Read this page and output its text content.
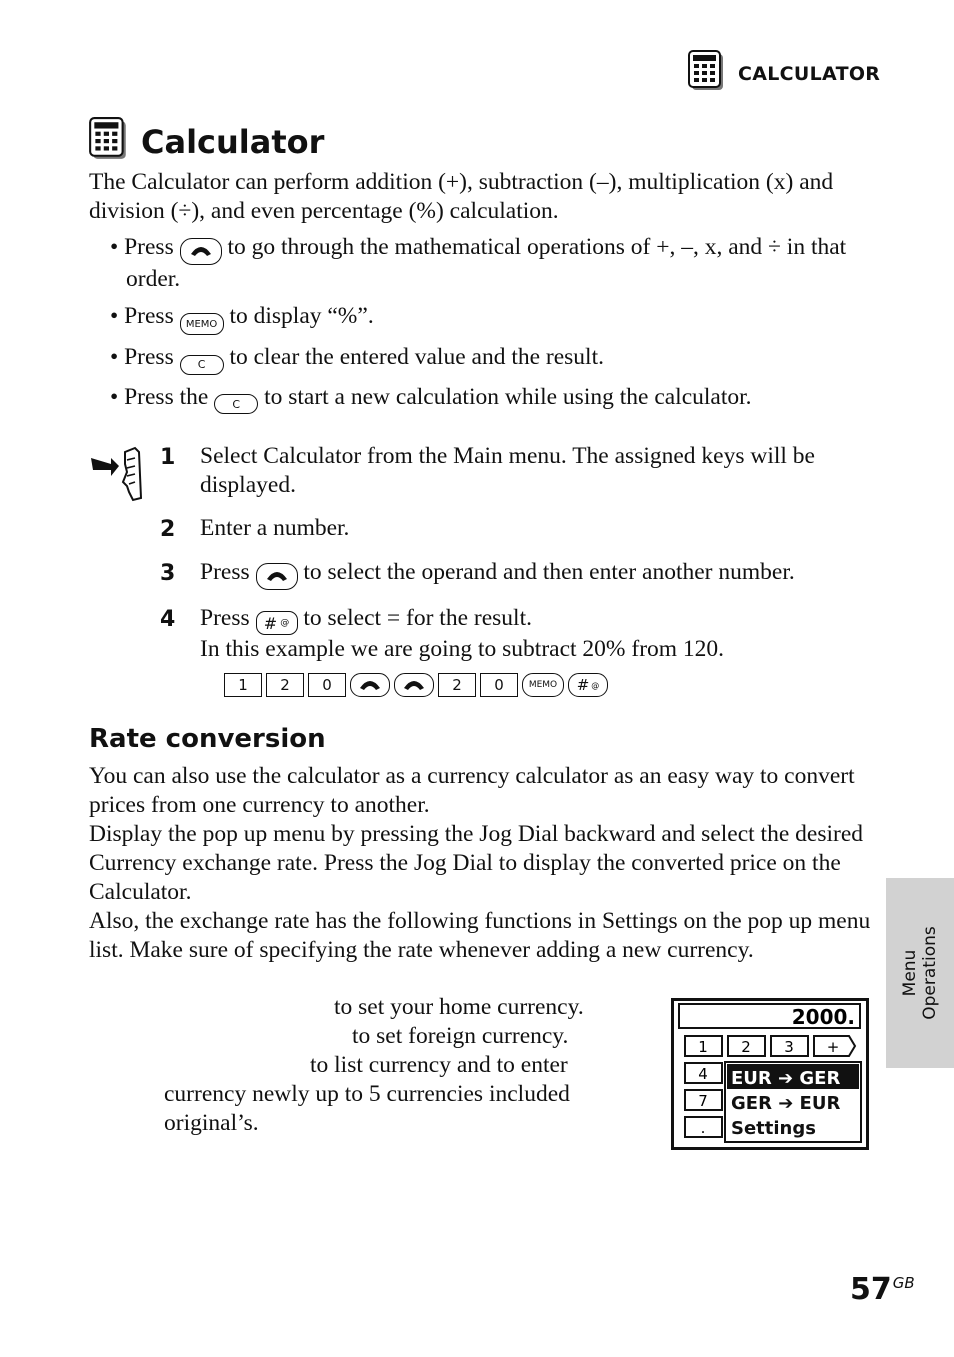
CALCULATOR
Calculator

The Calculator can perform addition (+), subtraction (–), multiplication (x) and division (÷), and even percentage (%) calculation.

• Press to go through the mathematical operations of +, –, x, and ÷ in that order.
• Press MEMO to display “%”.
• Press C to clear the entered value and the result.
• Press the C to start a new calculation while using the calculator.
1	Select Calculator from the Main menu. The assigned keys will be displayed.
2	Enter a number.
3	Press to select the operand and then enter another number.
4	Press # @ to select = for the result.
In this example we are going to subtract 20% from 120.
1	2	0	2	0	MEMO	# @
Rate conversion
You can also use the calculator as a currency calculator as an easy way to convert prices from one currency to another.
Display the pop up menu by pressing the Jog Dial backward and select the desired Currency exchange rate. Press the Jog Dial to display the converted price on the Calculator.
Also, the exchange rate has the following functions in Settings on the pop up menu list. Make sure of specifying the rate whenever adding a new currency.

to set your home currency.

to set foreign currency.

to list currency and to enter

currency newly up to 5 currencies included

original’s.

2000.
1 2 3 +
4
7
.
EUR ➔ GER
GER ➔ EUR
Settings
Menu
Operations
$57^{GB}$
